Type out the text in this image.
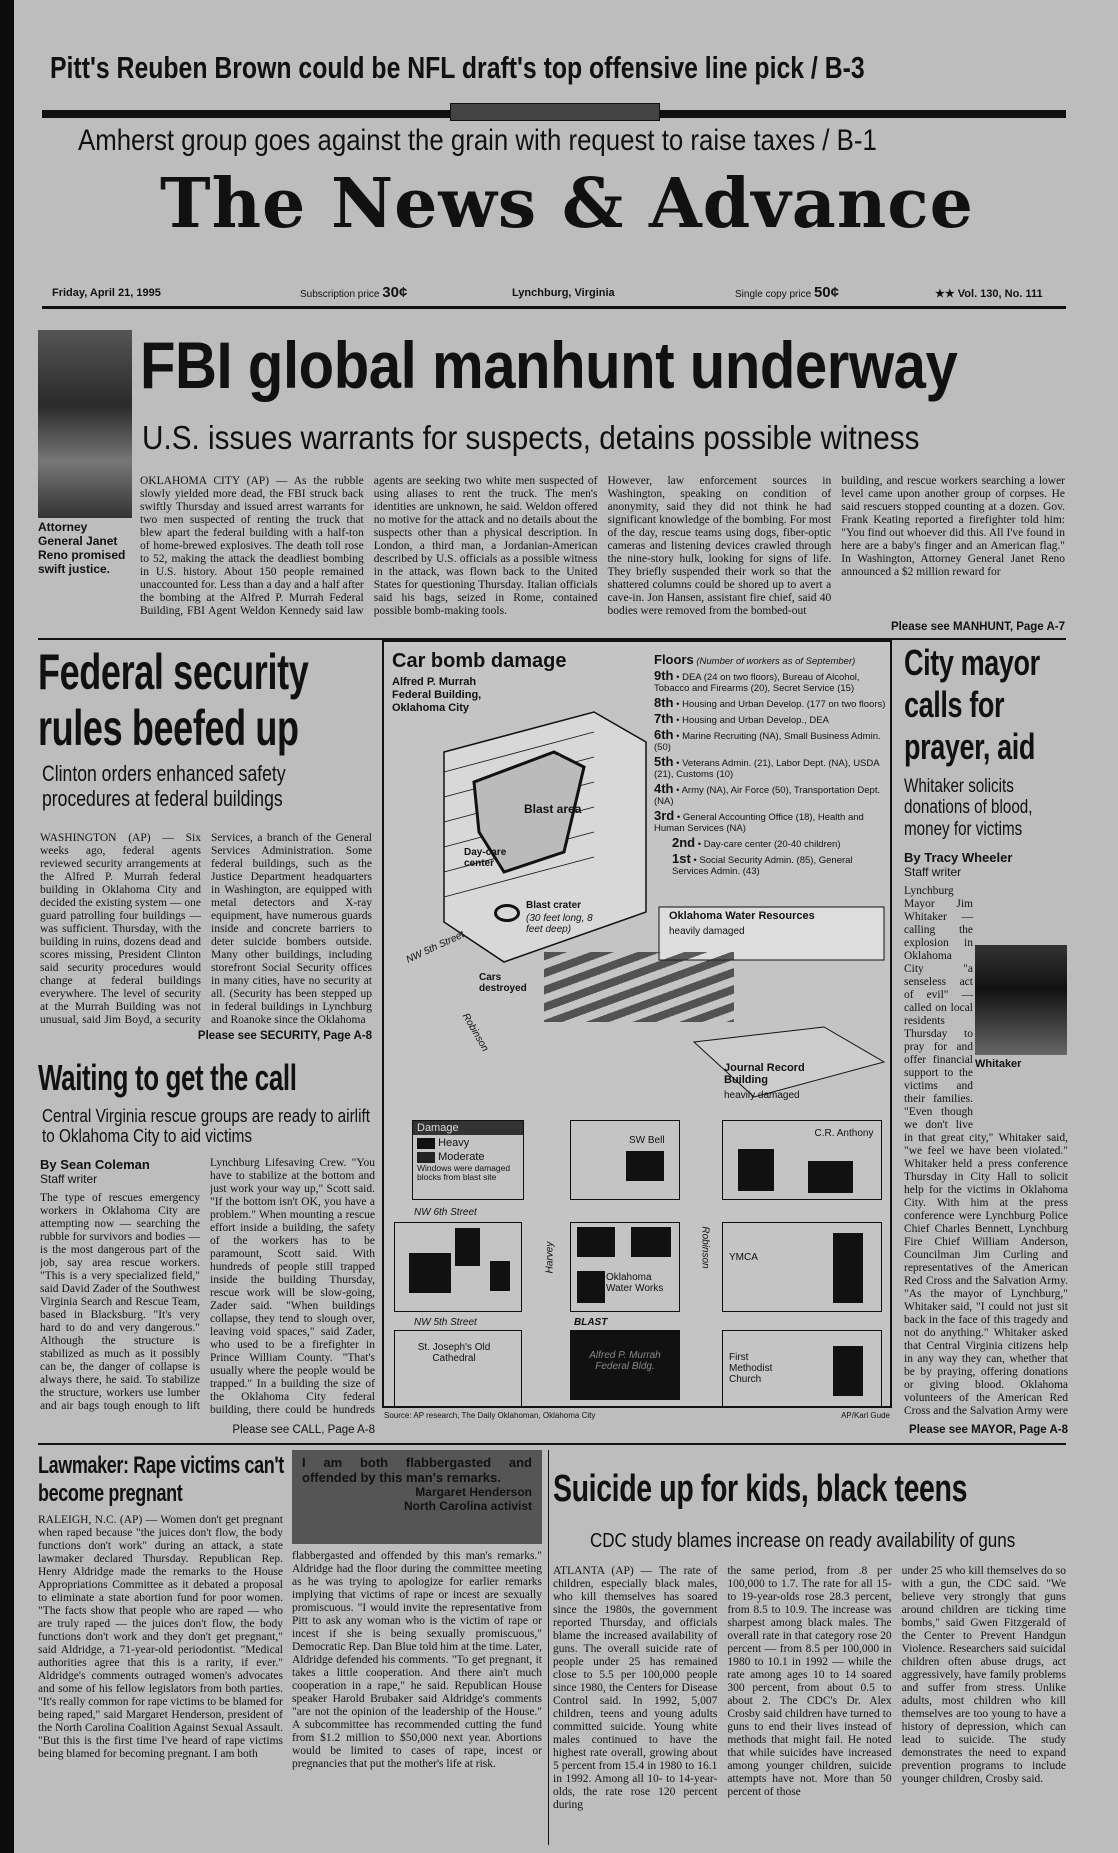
Pitt's Reuben Brown could be NFL draft's top offensive line pick / B-3
Amherst group goes against the grain with request to raise taxes / B-1
The News & Advance
Friday, April 21, 1995	Subscription price 30¢	Lynchburg, Virginia	Single copy price 50¢	★★ Vol. 130, No. 111
Attorney General Janet Reno promised swift justice.
FBI global manhunt underway
U.S. issues warrants for suspects, detains possible witness
OKLAHOMA CITY (AP) — As the rubble slowly yielded more dead, the FBI struck back swiftly Thursday and issued arrest warrants for two men suspected of renting the truck that blew apart the federal building with a half-ton of home-brewed explosives. The death toll rose to 52, making the attack the deadliest bombing in U.S. history. About 150 people remained unaccounted for. Less than a day and a half after the bombing at the Alfred P. Murrah Federal Building, FBI Agent Weldon Kennedy said law
agents are seeking two white men suspected of using aliases to rent the truck. The men's identities are unknown, he said. Weldon offered no motive for the attack and no details about the suspects other than a physical description. In London, a third man, a Jordanian-American described by U.S. officials as a possible witness in the attack, was flown back to the United States for questioning Thursday. Italian officials said his bags, seized in Rome, contained possible bomb-making tools.
However, law enforcement sources in Washington, speaking on condition of anonymity, said they did not think he had significant knowledge of the bombing. For most of the day, rescue teams using dogs, fiber-optic cameras and listening devices crawled through the nine-story hulk, looking for signs of life. They briefly suspended their work so that the shattered columns could be shored up to avert a cave-in. Jon Hansen, assistant fire chief, said 40 bodies were removed from the bombed-out
building, and rescue workers searching a lower level came upon another group of corpses. He said rescuers stopped counting at a dozen. Gov. Frank Keating reported a firefighter told him: "You find out whoever did this. All I've found in here are a baby's finger and an American flag." In Washington, Attorney General Janet Reno announced a $2 million reward for
Please see MANHUNT, Page A-7
Federal security rules beefed up
Clinton orders enhanced safety procedures at federal buildings
WASHINGTON (AP) — Six weeks ago, federal agents reviewed security arrangements at the Alfred P. Murrah federal building in Oklahoma City and decided the existing system — one guard patrolling four buildings — was sufficient. Thursday, with the building in ruins, dozens dead and scores missing, President Clinton said security procedures would change at federal buildings everywhere. The level of security at the Murrah Building was not unusual, said Jim Boyd, a security
Services, a branch of the General Services Administration. Some federal buildings, such as the Justice Department headquarters in Washington, are equipped with metal detectors and X-ray equipment, have numerous guards inside and concrete barriers to deter suicide bombers outside. Many other buildings, including storefront Social Security offices in many cities, have no security at all. (Security has been stepped up in federal buildings in Lynchburg and Roanoke since the Oklahoma
Please see SECURITY, Page A-8
Waiting to get the call
Central Virginia rescue groups are ready to airlift to Oklahoma City to aid victims
By Sean Coleman
Staff writer
The type of rescues emergency workers in Oklahoma City are attempting now — searching the rubble for survivors and bodies — is the most dangerous part of the job, say area rescue workers. "This is a very specialized field," said David Zader of the Southwest Virginia Search and Rescue Team, based in Blacksburg. "It's very hard to do and very dangerous." Although the structure is stabilized as much as it possibly can be, the danger of collapse is always there, he said. To stabilize the structure, workers use lumber and air bags tough enough to lift
Lynchburg Lifesaving Crew. "You have to stabilize at the bottom and just work your way up," Scott said. "If the bottom isn't OK, you have a problem." When mounting a rescue effort inside a building, the safety of the workers has to be paramount, Scott said. With hundreds of people still trapped inside the building Thursday, rescue work will be slow-going, Zader said. "When buildings collapse, they tend to slough over, leaving void spaces," said Zader, who used to be a firefighter in Prince William County. "That's usually where the people would be trapped." In a building the size of the Oklahoma City federal building, there could be hundreds
Please see CALL, Page A-8
Car bomb damage
Alfred P. Murrah Federal Building, Oklahoma City
Floors (Number of workers as of September)
9th • DEA (24 on two floors), Bureau of Alcohol, Tobacco and Firearms (20), Secret Service (15)
8th • Housing and Urban Develop. (177 on two floors)
7th • Housing and Urban Develop., DEA
6th • Marine Recruiting (NA), Small Business Admin. (50)
5th • Veterans Admin. (21), Labor Dept. (NA), USDA (21), Customs (10)
4th • Army (NA), Air Force (50), Transportation Dept. (NA)
3rd • General Accounting Office (18), Health and Human Services (NA)
2nd • Day-care center (20-40 children)
1st • Social Security Admin. (85), General Services Admin. (43)
Blast area
Day-care center
Blast crater
(30 feet long, 8 feet deep)
NW 5th Street
Cars destroyed
Robinson
Oklahoma Water Resources
heavily damaged
Journal Record Building
heavily damaged
Damage
Heavy
Moderate
Windows were damaged blocks from blast site
NW 6th Street
NW 5th Street
St. Joseph's Old Cathedral
Harvey
SW Bell
Oklahoma Water Works
BLAST
Alfred P. Murrah Federal Bldg.
Robinson
C.R. Anthony
YMCA
First Methodist Church
Source: AP research, The Daily Oklahoman, Oklahoma City	AP/Karl Gude
City mayor calls for prayer, aid
Whitaker solicits donations of blood, money for victims
By Tracy Wheeler
Staff writer
Whitaker
Lynchburg Mayor Jim Whitaker — calling the explosion in Oklahoma City "a senseless act of evil" — called on local residents Thursday to pray for and offer financial support to the victims and their families. "Even though we don't live in that great city," Whitaker said, "we feel we have been violated." Whitaker held a press conference Thursday in City Hall to solicit help for the victims in Oklahoma City. With him at the press conference were Lynchburg Police Chief Charles Bennett, Lynchburg Fire Chief William Anderson, Councilman Jim Curling and representatives of the American Red Cross and the Salvation Army. "As the mayor of Lynchburg," Whitaker said, "I could not just sit back in the face of this tragedy and not do anything." Whitaker asked that Central Virginia citizens help in any way they can, whether that be by praying, offering donations or giving blood. Oklahoma volunteers of the American Red Cross and the Salvation Army were
Please see MAYOR, Page A-8
Lawmaker: Rape victims can't become pregnant
I am both flabbergasted and offended by this man's remarks.
Margaret Henderson
North Carolina activist
RALEIGH, N.C. (AP) — Women don't get pregnant when raped because "the juices don't flow, the body functions don't work" during an attack, a state lawmaker declared Thursday. Republican Rep. Henry Aldridge made the remarks to the House Appropriations Committee as it debated a proposal to eliminate a state abortion fund for poor women. "The facts show that people who are raped — who are truly raped — the juices don't flow, the body functions don't work and they don't get pregnant," said Aldridge, a 71-year-old periodontist. "Medical authorities agree that this is a rarity, if ever." Aldridge's comments outraged women's advocates and some of his fellow legislators from both parties. "It's really common for rape victims to be blamed for being raped," said Margaret Henderson, president of the North Carolina Coalition Against Sexual Assault. "But this is the first time I've heard of rape victims being blamed for becoming pregnant. I am both
flabbergasted and offended by this man's remarks." Aldridge had the floor during the committee meeting as he was trying to apologize for earlier remarks implying that victims of rape or incest are sexually promiscuous. "I would invite the representative from Pitt to ask any woman who is the victim of rape or incest if she is being sexually promiscuous," Democratic Rep. Dan Blue told him at the time. Later, Aldridge defended his comments. "To get pregnant, it takes a little cooperation. And there ain't much cooperation in a rape," he said. Republican House speaker Harold Brubaker said Aldridge's comments "are not the opinion of the leadership of the House." A subcommittee has recommended cutting the fund from $1.2 million to $50,000 next year. Abortions would be limited to cases of rape, incest or pregnancies that put the mother's life at risk.
Suicide up for kids, black teens
CDC study blames increase on ready availability of guns
ATLANTA (AP) — The rate of children, especially black males, who kill themselves has soared since the 1980s, the government reported Thursday, and officials blame the increased availability of guns. The overall suicide rate of people under 25 has remained close to 5.5 per 100,000 people since 1980, the Centers for Disease Control said. In 1992, 5,007 children, teens and young adults committed suicide. Young white males continued to have the highest rate overall, growing about 5 percent from 15.4 in 1980 to 16.1 in 1992. Among all 10- to 14-year-olds, the rate rose 120 percent during
the same period, from .8 per 100,000 to 1.7. The rate for all 15- to 19-year-olds rose 28.3 percent, from 8.5 to 10.9. The increase was sharpest among black males. The overall rate in that category rose 20 percent — from 8.5 per 100,000 in 1980 to 10.1 in 1992 — while the rate among ages 10 to 14 soared 300 percent, from about 0.5 to about 2. The CDC's Dr. Alex Crosby said children have turned to guns to end their lives instead of methods that might fail. He noted that while suicides have increased among younger children, suicide attempts have not. More than 50 percent of those
under 25 who kill themselves do so with a gun, the CDC said. "We believe very strongly that guns around children are ticking time bombs," said Gwen Fitzgerald of the Center to Prevent Handgun Violence. Researchers said suicidal children often abuse drugs, act aggressively, have family problems and suffer from stress. Unlike adults, most children who kill themselves are too young to have a history of depression, which can lead to suicide. The study demonstrates the need to expand prevention programs to include younger children, Crosby said.
